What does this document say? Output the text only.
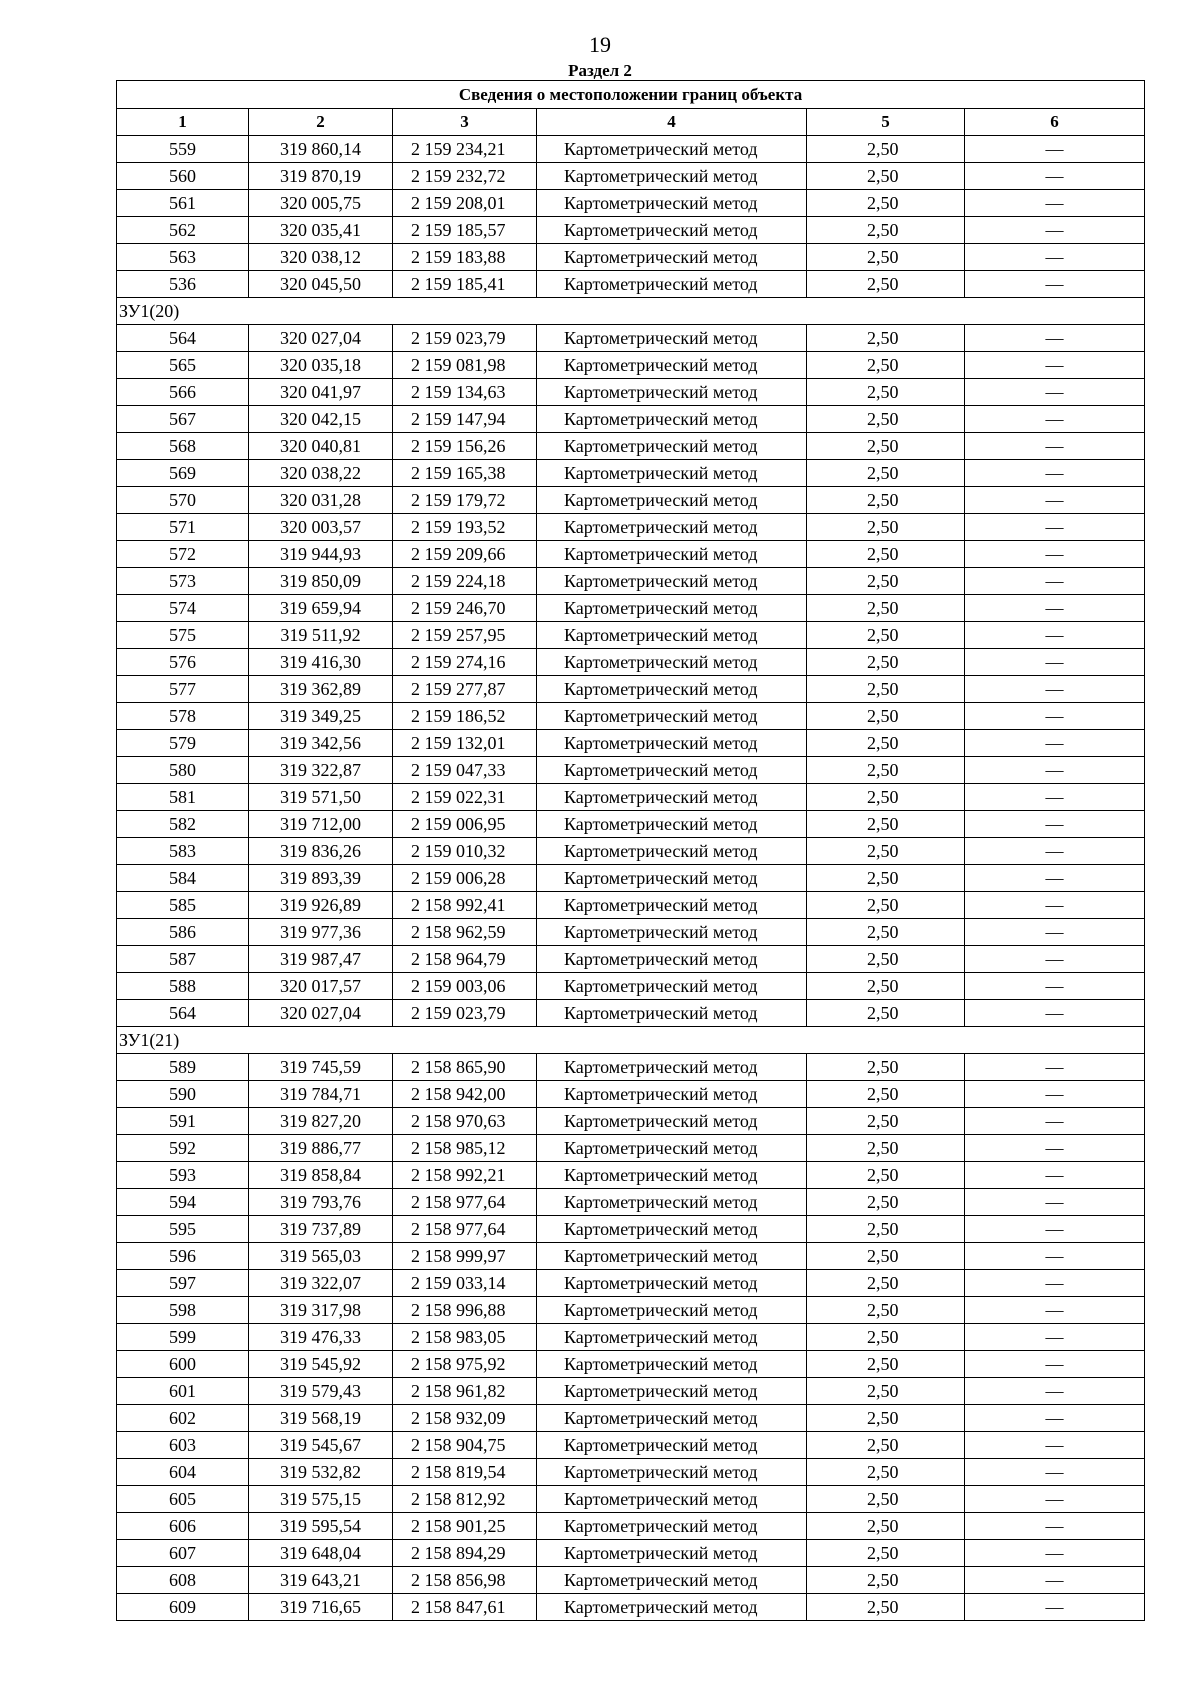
19
Раздел 2
Сведения о местоположении границ объекта					
1	2	3	4	5	6
559	319 860,14	2 159 234,21	Картометрический метод	2,50	—
560	319 870,19	2 159 232,72	Картометрический метод	2,50	—
561	320 005,75	2 159 208,01	Картометрический метод	2,50	—
562	320 035,41	2 159 185,57	Картометрический метод	2,50	—
563	320 038,12	2 159 183,88	Картометрический метод	2,50	—
536	320 045,50	2 159 185,41	Картометрический метод	2,50	—
ЗУ1(20)					
564	320 027,04	2 159 023,79	Картометрический метод	2,50	—
565	320 035,18	2 159 081,98	Картометрический метод	2,50	—
566	320 041,97	2 159 134,63	Картометрический метод	2,50	—
567	320 042,15	2 159 147,94	Картометрический метод	2,50	—
568	320 040,81	2 159 156,26	Картометрический метод	2,50	—
569	320 038,22	2 159 165,38	Картометрический метод	2,50	—
570	320 031,28	2 159 179,72	Картометрический метод	2,50	—
571	320 003,57	2 159 193,52	Картометрический метод	2,50	—
572	319 944,93	2 159 209,66	Картометрический метод	2,50	—
573	319 850,09	2 159 224,18	Картометрический метод	2,50	—
574	319 659,94	2 159 246,70	Картометрический метод	2,50	—
575	319 511,92	2 159 257,95	Картометрический метод	2,50	—
576	319 416,30	2 159 274,16	Картометрический метод	2,50	—
577	319 362,89	2 159 277,87	Картометрический метод	2,50	—
578	319 349,25	2 159 186,52	Картометрический метод	2,50	—
579	319 342,56	2 159 132,01	Картометрический метод	2,50	—
580	319 322,87	2 159 047,33	Картометрический метод	2,50	—
581	319 571,50	2 159 022,31	Картометрический метод	2,50	—
582	319 712,00	2 159 006,95	Картометрический метод	2,50	—
583	319 836,26	2 159 010,32	Картометрический метод	2,50	—
584	319 893,39	2 159 006,28	Картометрический метод	2,50	—
585	319 926,89	2 158 992,41	Картометрический метод	2,50	—
586	319 977,36	2 158 962,59	Картометрический метод	2,50	—
587	319 987,47	2 158 964,79	Картометрический метод	2,50	—
588	320 017,57	2 159 003,06	Картометрический метод	2,50	—
564	320 027,04	2 159 023,79	Картометрический метод	2,50	—
ЗУ1(21)					
589	319 745,59	2 158 865,90	Картометрический метод	2,50	—
590	319 784,71	2 158 942,00	Картометрический метод	2,50	—
591	319 827,20	2 158 970,63	Картометрический метод	2,50	—
592	319 886,77	2 158 985,12	Картометрический метод	2,50	—
593	319 858,84	2 158 992,21	Картометрический метод	2,50	—
594	319 793,76	2 158 977,64	Картометрический метод	2,50	—
595	319 737,89	2 158 977,64	Картометрический метод	2,50	—
596	319 565,03	2 158 999,97	Картометрический метод	2,50	—
597	319 322,07	2 159 033,14	Картометрический метод	2,50	—
598	319 317,98	2 158 996,88	Картометрический метод	2,50	—
599	319 476,33	2 158 983,05	Картометрический метод	2,50	—
600	319 545,92	2 158 975,92	Картометрический метод	2,50	—
601	319 579,43	2 158 961,82	Картометрический метод	2,50	—
602	319 568,19	2 158 932,09	Картометрический метод	2,50	—
603	319 545,67	2 158 904,75	Картометрический метод	2,50	—
604	319 532,82	2 158 819,54	Картометрический метод	2,50	—
605	319 575,15	2 158 812,92	Картометрический метод	2,50	—
606	319 595,54	2 158 901,25	Картометрический метод	2,50	—
607	319 648,04	2 158 894,29	Картометрический метод	2,50	—
608	319 643,21	2 158 856,98	Картометрический метод	2,50	—
609	319 716,65	2 158 847,61	Картометрический метод	2,50	—
